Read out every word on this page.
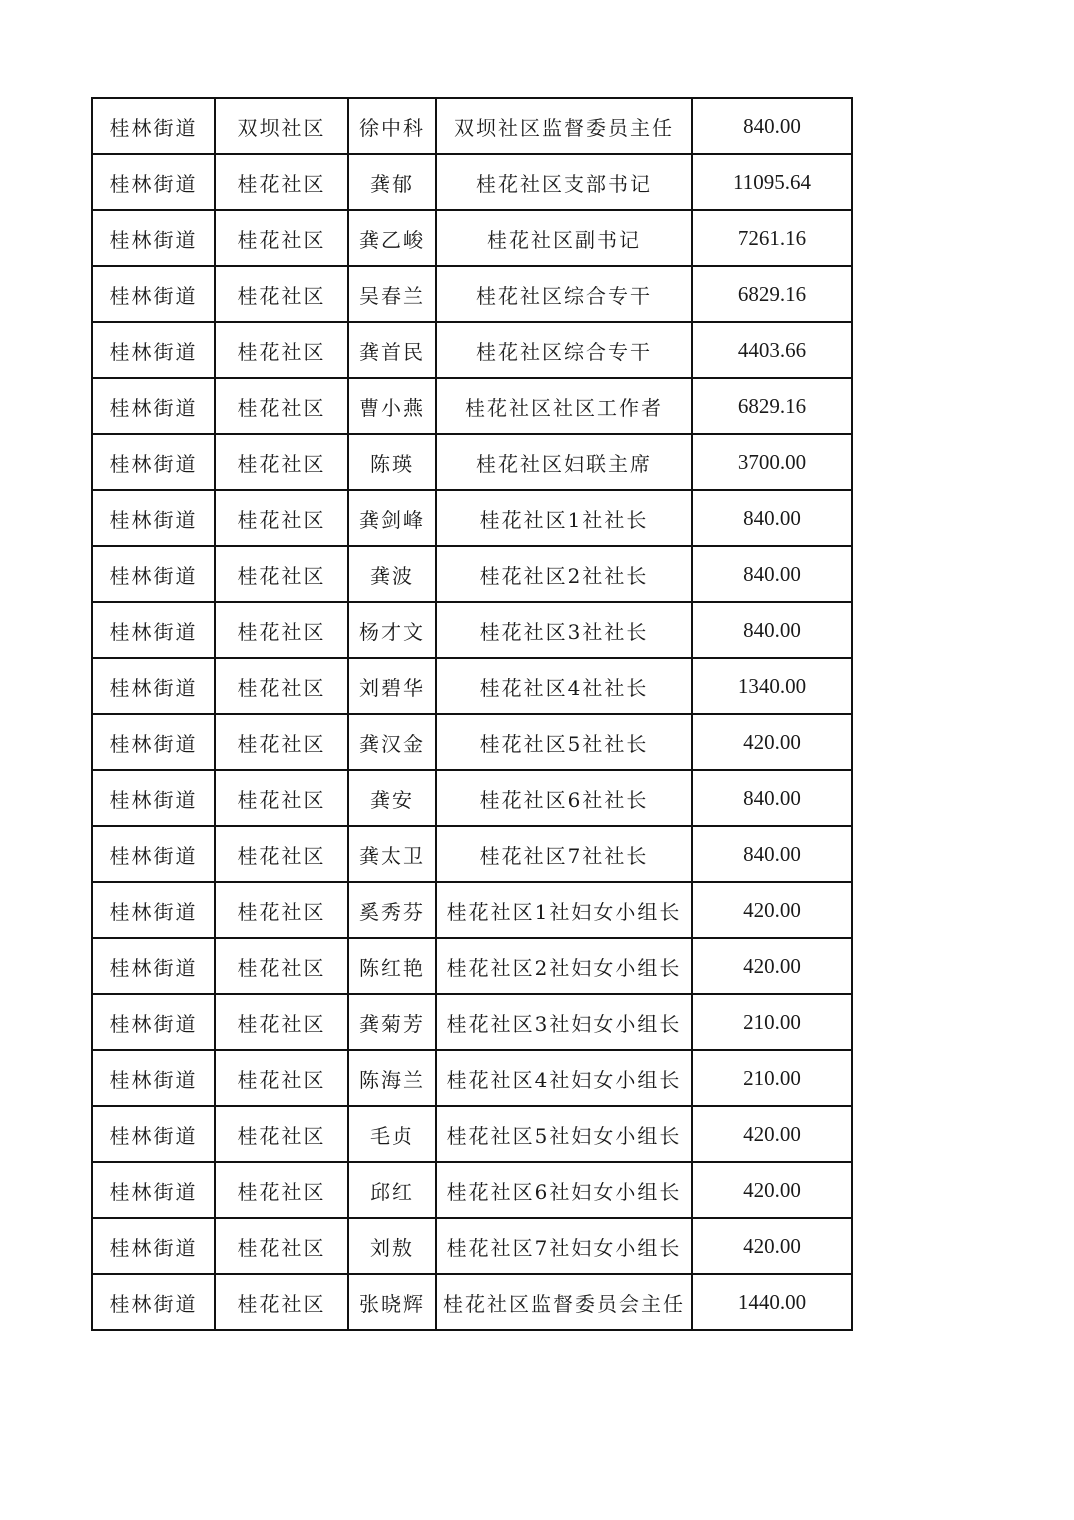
桂林街道	双坝社区	徐中科	双坝社区监督委员主任	840.00
桂林街道	桂花社区	龚郁	桂花社区支部书记	11095.64
桂林街道	桂花社区	龚乙峻	桂花社区副书记	7261.16
桂林街道	桂花社区	吴春兰	桂花社区综合专干	6829.16
桂林街道	桂花社区	龚首民	桂花社区综合专干	4403.66
桂林街道	桂花社区	曹小燕	桂花社区社区工作者	6829.16
桂林街道	桂花社区	陈瑛	桂花社区妇联主席	3700.00
桂林街道	桂花社区	龚剑峰	桂花社区1社社长	840.00
桂林街道	桂花社区	龚波	桂花社区2社社长	840.00
桂林街道	桂花社区	杨才文	桂花社区3社社长	840.00
桂林街道	桂花社区	刘碧华	桂花社区4社社长	1340.00
桂林街道	桂花社区	龚汉金	桂花社区5社社长	420.00
桂林街道	桂花社区	龚安	桂花社区6社社长	840.00
桂林街道	桂花社区	龚太卫	桂花社区7社社长	840.00
桂林街道	桂花社区	奚秀芬	桂花社区1社妇女小组长	420.00
桂林街道	桂花社区	陈红艳	桂花社区2社妇女小组长	420.00
桂林街道	桂花社区	龚菊芳	桂花社区3社妇女小组长	210.00
桂林街道	桂花社区	陈海兰	桂花社区4社妇女小组长	210.00
桂林街道	桂花社区	毛贞	桂花社区5社妇女小组长	420.00
桂林街道	桂花社区	邱红	桂花社区6社妇女小组长	420.00
桂林街道	桂花社区	刘敖	桂花社区7社妇女小组长	420.00
桂林街道	桂花社区	张晓辉	桂花社区监督委员会主任	1440.00
